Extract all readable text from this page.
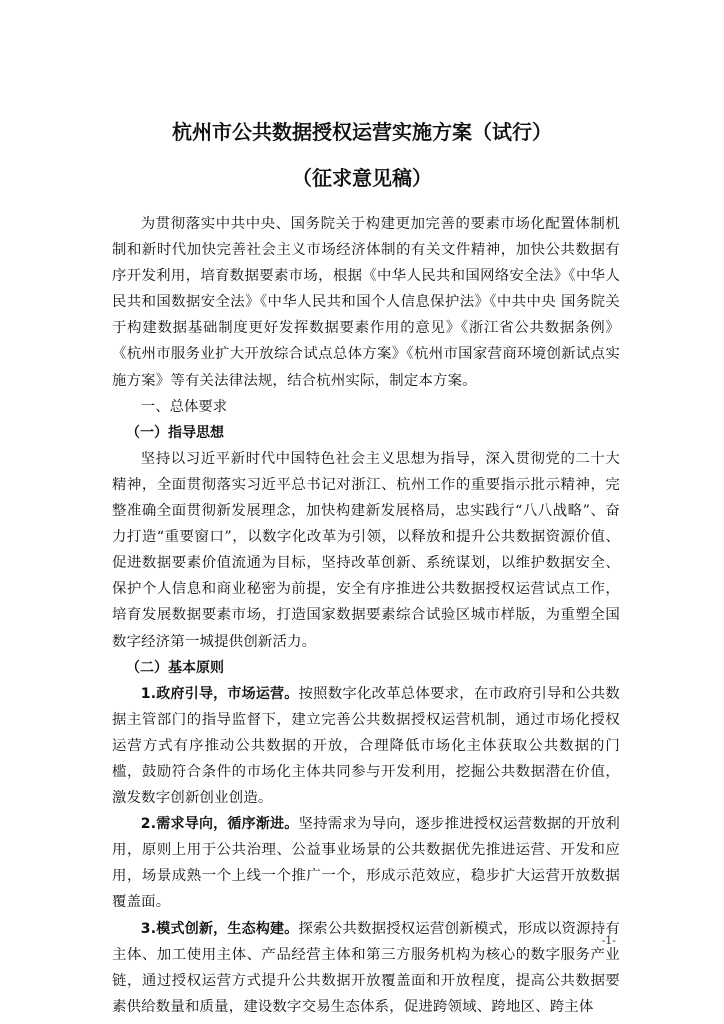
杭州市公共数据授权运营实施方案（试行）
（征求意见稿）

为贯彻落实中共中央、国务院关于构建更加完善的要素市场化配置体制机制和新时代加快完善社会主义市场经济体制的有关文件精神，加快公共数据有序开发利用，培育数据要素市场，根据《中华人民共和国网络安全法》《中华人民共和国数据安全法》《中华人民共和国个人信息保护法》《中共中央 国务院关于构建数据基础制度更好发挥数据要素作用的意见》《浙江省公共数据条例》《杭州市服务业扩大开放综合试点总体方案》《杭州市国家营商环境创新试点实施方案》等有关法律法规，结合杭州实际，制定本方案。

一、总体要求

（一）指导思想

坚持以习近平新时代中国特色社会主义思想为指导，深入贯彻党的二十大精神，全面贯彻落实习近平总书记对浙江、杭州工作的重要指示批示精神，完整准确全面贯彻新发展理念，加快构建新发展格局，忠实践行“八八战略”、奋力打造“重要窗口”，以数字化改革为引领，以释放和提升公共数据资源价值、促进数据要素价值流通为目标，坚持改革创新、系统谋划，以维护数据安全、保护个人信息和商业秘密为前提，安全有序推进公共数据授权运营试点工作，培育发展数据要素市场，打造国家数据要素综合试验区城市样版，为重塑全国数字经济第一城提供创新活力。

（二）基本原则

1.政府引导，市场运营。按照数字化改革总体要求，在市政府引导和公共数据主管部门的指导监督下，建立完善公共数据授权运营机制，通过市场化授权运营方式有序推动公共数据的开放，合理降低市场化主体获取公共数据的门槛，鼓励符合条件的市场化主体共同参与开发利用，挖掘公共数据潜在价值，激发数字创新创业创造。

2.需求导向，循序渐进。坚持需求为导向，逐步推进授权运营数据的开放利用，原则上用于公共治理、公益事业场景的公共数据优先推进运营、开发和应用，场景成熟一个上线一个推广一个，形成示范效应，稳步扩大运营开放数据覆盖面。

3.模式创新，生态构建。探索公共数据授权运营创新模式，形成以资源持有主体、加工使用主体、产品经营主体和第三方服务机构为核心的数字服务产业链，通过授权运营方式提升公共数据开放覆盖面和开放程度，提高公共数据要素供给数量和质量，建设数字交易生态体系，促进跨领域、跨地区、跨主体

-1-
